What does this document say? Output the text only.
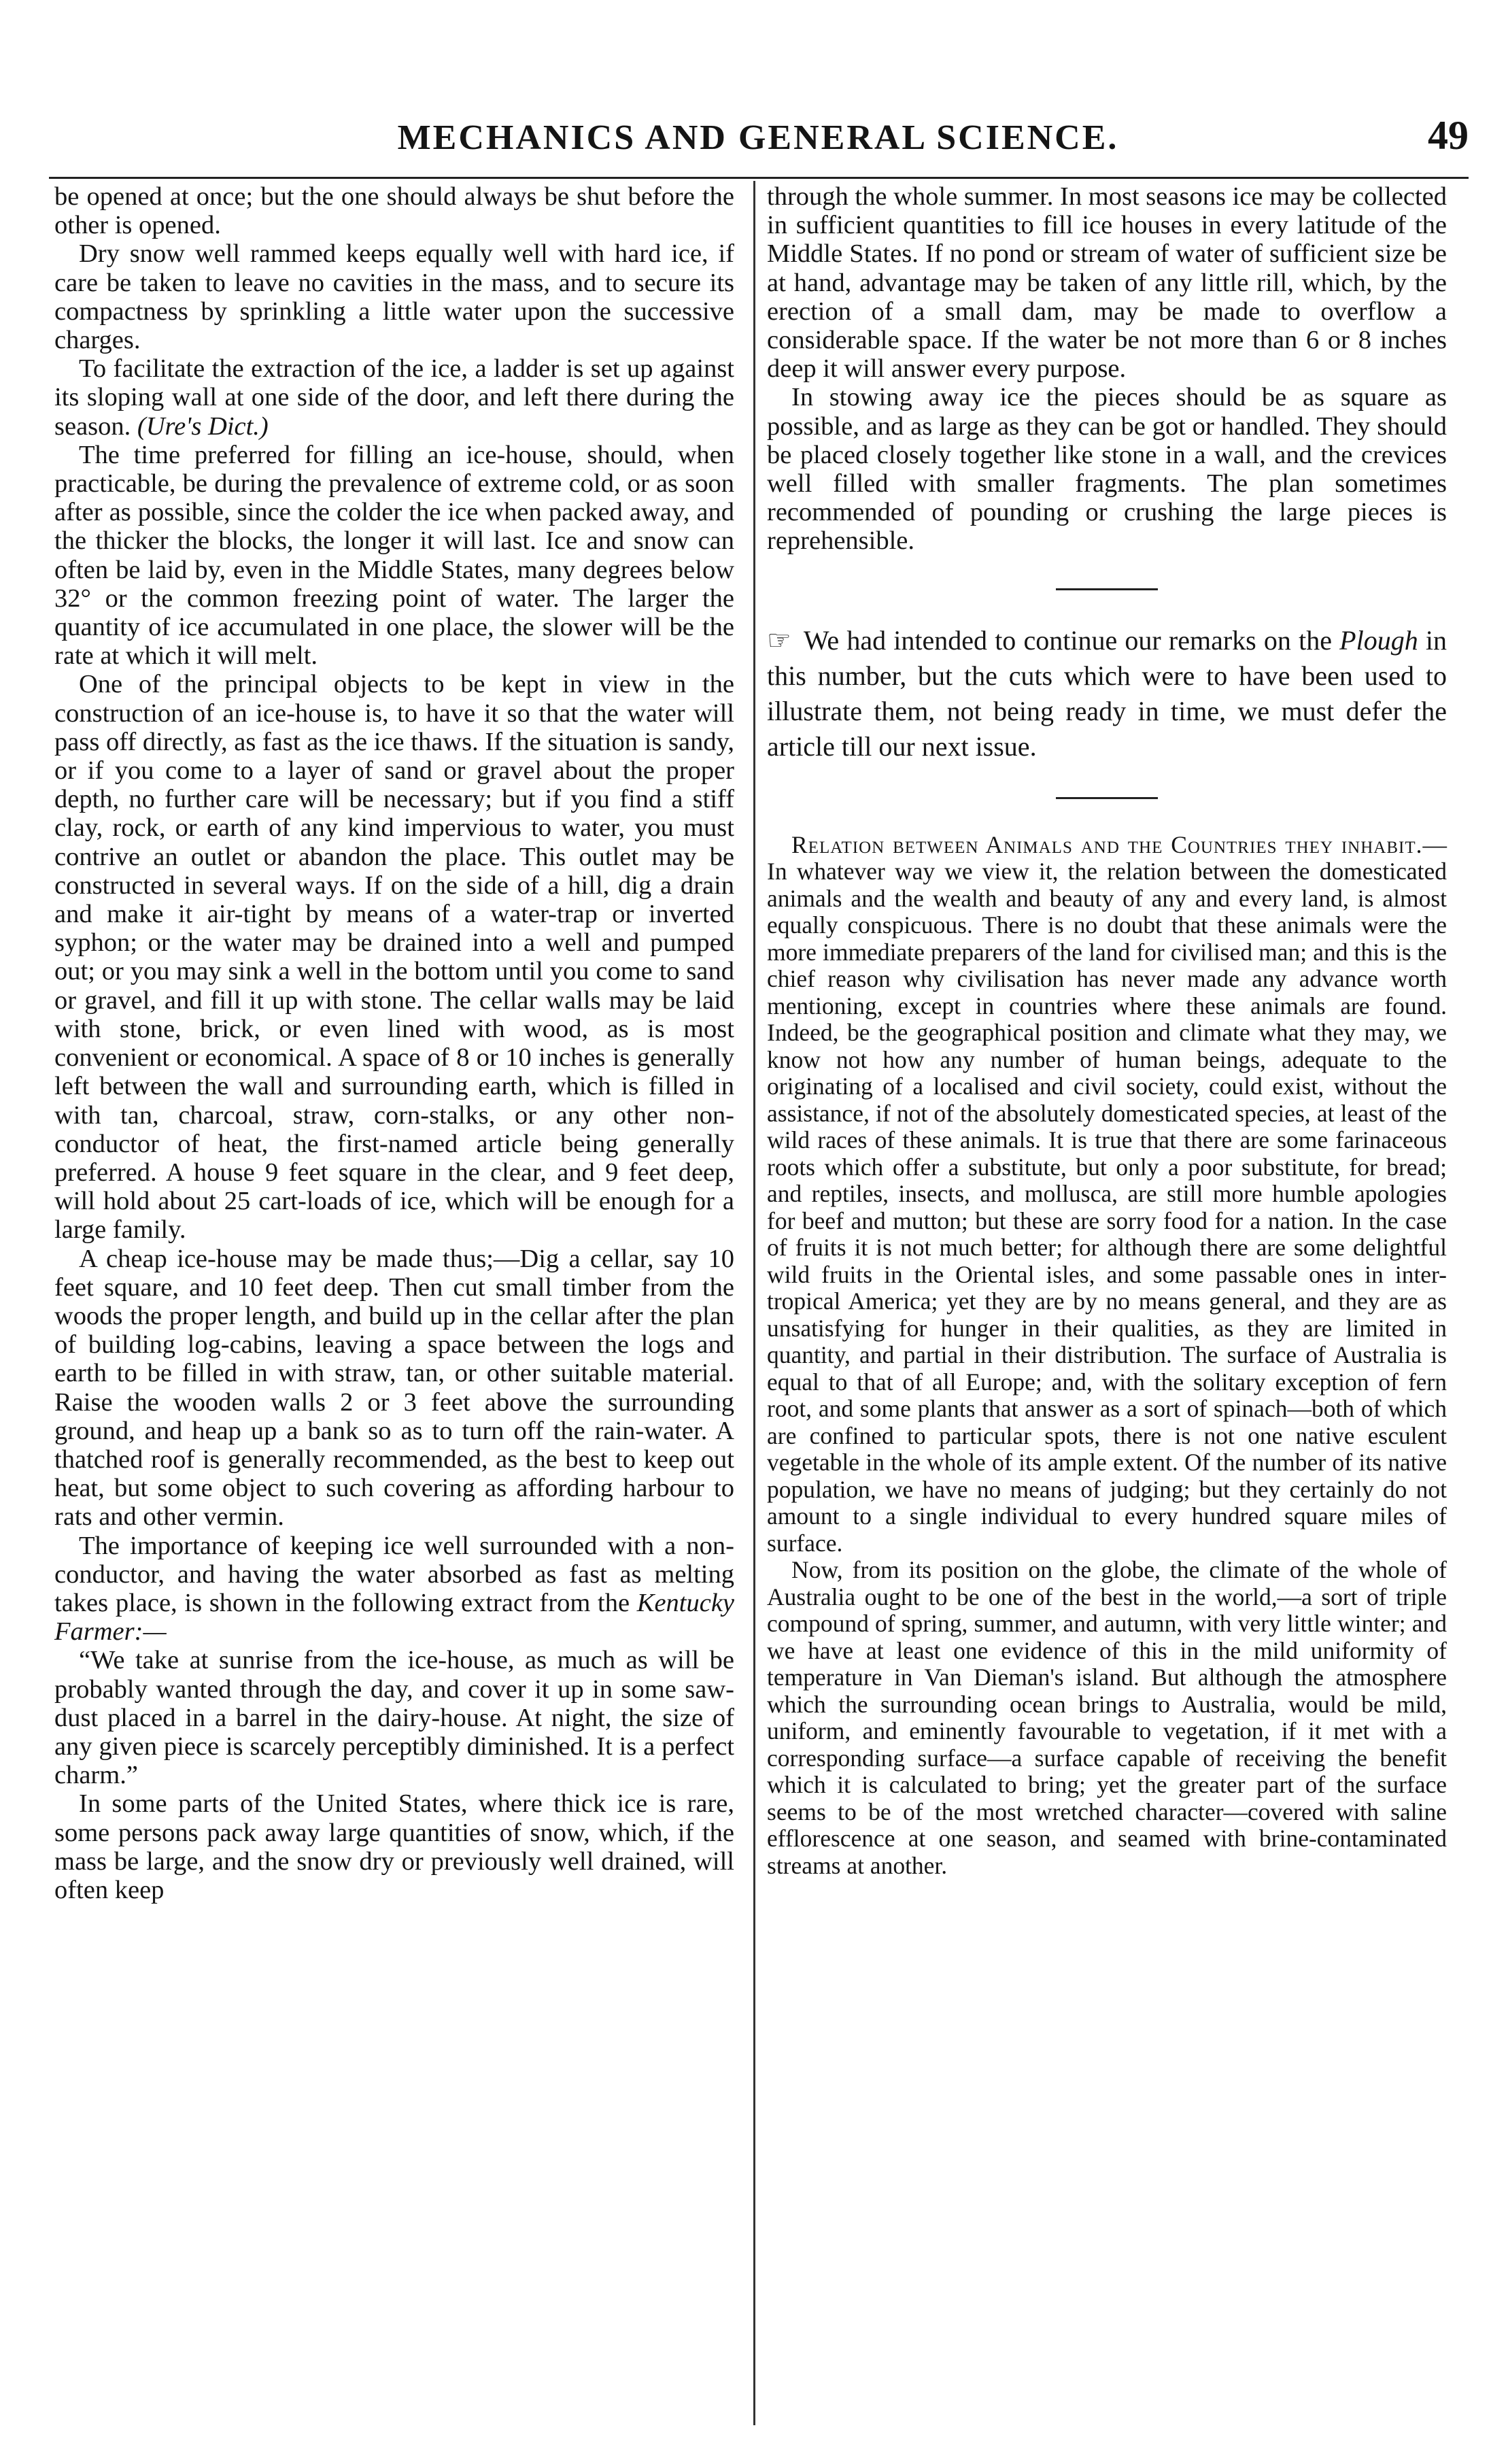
MECHANICS AND GENERAL SCIENCE.	49

be opened at once; but the one should always be shut before the other is opened.

Dry snow well rammed keeps equally well with hard ice, if care be taken to leave no cavities in the mass, and to secure its compactness by sprinkling a little water upon the successive charges.

To facilitate the extraction of the ice, a ladder is set up against its sloping wall at one side of the door, and left there during the season. (Ure's Dict.)

The time preferred for filling an ice-house, should, when practicable, be during the prevalence of extreme cold, or as soon after as possible, since the colder the ice when packed away, and the thicker the blocks, the longer it will last. Ice and snow can often be laid by, even in the Middle States, many degrees below 32° or the common freezing point of water. The larger the quantity of ice accumulated in one place, the slower will be the rate at which it will melt.

One of the principal objects to be kept in view in the construction of an ice-house is, to have it so that the water will pass off directly, as fast as the ice thaws. If the situation is sandy, or if you come to a layer of sand or gravel about the proper depth, no further care will be necessary; but if you find a stiff clay, rock, or earth of any kind impervious to water, you must contrive an outlet or abandon the place. This outlet may be constructed in several ways. If on the side of a hill, dig a drain and make it air-tight by means of a water-trap or inverted syphon; or the water may be drained into a well and pumped out; or you may sink a well in the bottom until you come to sand or gravel, and fill it up with stone. The cellar walls may be laid with stone, brick, or even lined with wood, as is most convenient or economical. A space of 8 or 10 inches is generally left between the wall and surrounding earth, which is filled in with tan, charcoal, straw, corn-stalks, or any other non-conductor of heat, the first-named article being generally preferred. A house 9 feet square in the clear, and 9 feet deep, will hold about 25 cart-loads of ice, which will be enough for a large family.

A cheap ice-house may be made thus;—Dig a cellar, say 10 feet square, and 10 feet deep. Then cut small timber from the woods the proper length, and build up in the cellar after the plan of building log-cabins, leaving a space between the logs and earth to be filled in with straw, tan, or other suitable material. Raise the wooden walls 2 or 3 feet above the surrounding ground, and heap up a bank so as to turn off the rain-water. A thatched roof is generally recommended, as the best to keep out heat, but some object to such covering as affording harbour to rats and other vermin.

The importance of keeping ice well surrounded with a non-conductor, and having the water absorbed as fast as melting takes place, is shown in the following extract from the Kentucky Farmer:—

“We take at sunrise from the ice-house, as much as will be probably wanted through the day, and cover it up in some saw-dust placed in a barrel in the dairy-house. At night, the size of any given piece is scarcely perceptibly diminished. It is a perfect charm.”

In some parts of the United States, where thick ice is rare, some persons pack away large quantities of snow, which, if the mass be large, and the snow dry or previously well drained, will often keep

through the whole summer. In most seasons ice may be collected in sufficient quantities to fill ice houses in every latitude of the Middle States. If no pond or stream of water of sufficient size be at hand, advantage may be taken of any little rill, which, by the erection of a small dam, may be made to overflow a considerable space. If the water be not more than 6 or 8 inches deep it will answer every purpose.

In stowing away ice the pieces should be as square as possible, and as large as they can be got or handled. They should be placed closely together like stone in a wall, and the crevices well filled with smaller fragments. The plan sometimes recommended of pounding or crushing the large pieces is reprehensible.

☞ We had intended to continue our remarks on the Plough in this number, but the cuts which were to have been used to illustrate them, not being ready in time, we must defer the article till our next issue.

Relation between Animals and the Countries they inhabit.—In whatever way we view it, the relation between the domesticated animals and the wealth and beauty of any and every land, is almost equally conspicuous. There is no doubt that these animals were the more immediate preparers of the land for civilised man; and this is the chief reason why civilisation has never made any advance worth mentioning, except in countries where these animals are found. Indeed, be the geographical position and climate what they may, we know not how any number of human beings, adequate to the originating of a localised and civil society, could exist, without the assistance, if not of the absolutely domesticated species, at least of the wild races of these animals. It is true that there are some farinaceous roots which offer a substitute, but only a poor substitute, for bread; and reptiles, insects, and mollusca, are still more humble apologies for beef and mutton; but these are sorry food for a nation. In the case of fruits it is not much better; for although there are some delightful wild fruits in the Oriental isles, and some passable ones in inter-tropical America; yet they are by no means general, and they are as unsatisfying for hunger in their qualities, as they are limited in quantity, and partial in their distribution. The surface of Australia is equal to that of all Europe; and, with the solitary exception of fern root, and some plants that answer as a sort of spinach—both of which are confined to particular spots, there is not one native esculent vegetable in the whole of its ample extent. Of the number of its native population, we have no means of judging; but they certainly do not amount to a single individual to every hundred square miles of surface.

Now, from its position on the globe, the climate of the whole of Australia ought to be one of the best in the world,—a sort of triple compound of spring, summer, and autumn, with very little winter; and we have at least one evidence of this in the mild uniformity of temperature in Van Dieman's island. But although the atmosphere which the surrounding ocean brings to Australia, would be mild, uniform, and eminently favourable to vegetation, if it met with a corresponding surface—a surface capable of receiving the benefit which it is calculated to bring; yet the greater part of the surface seems to be of the most wretched character—covered with saline efflorescence at one season, and seamed with brine-contaminated streams at another.
